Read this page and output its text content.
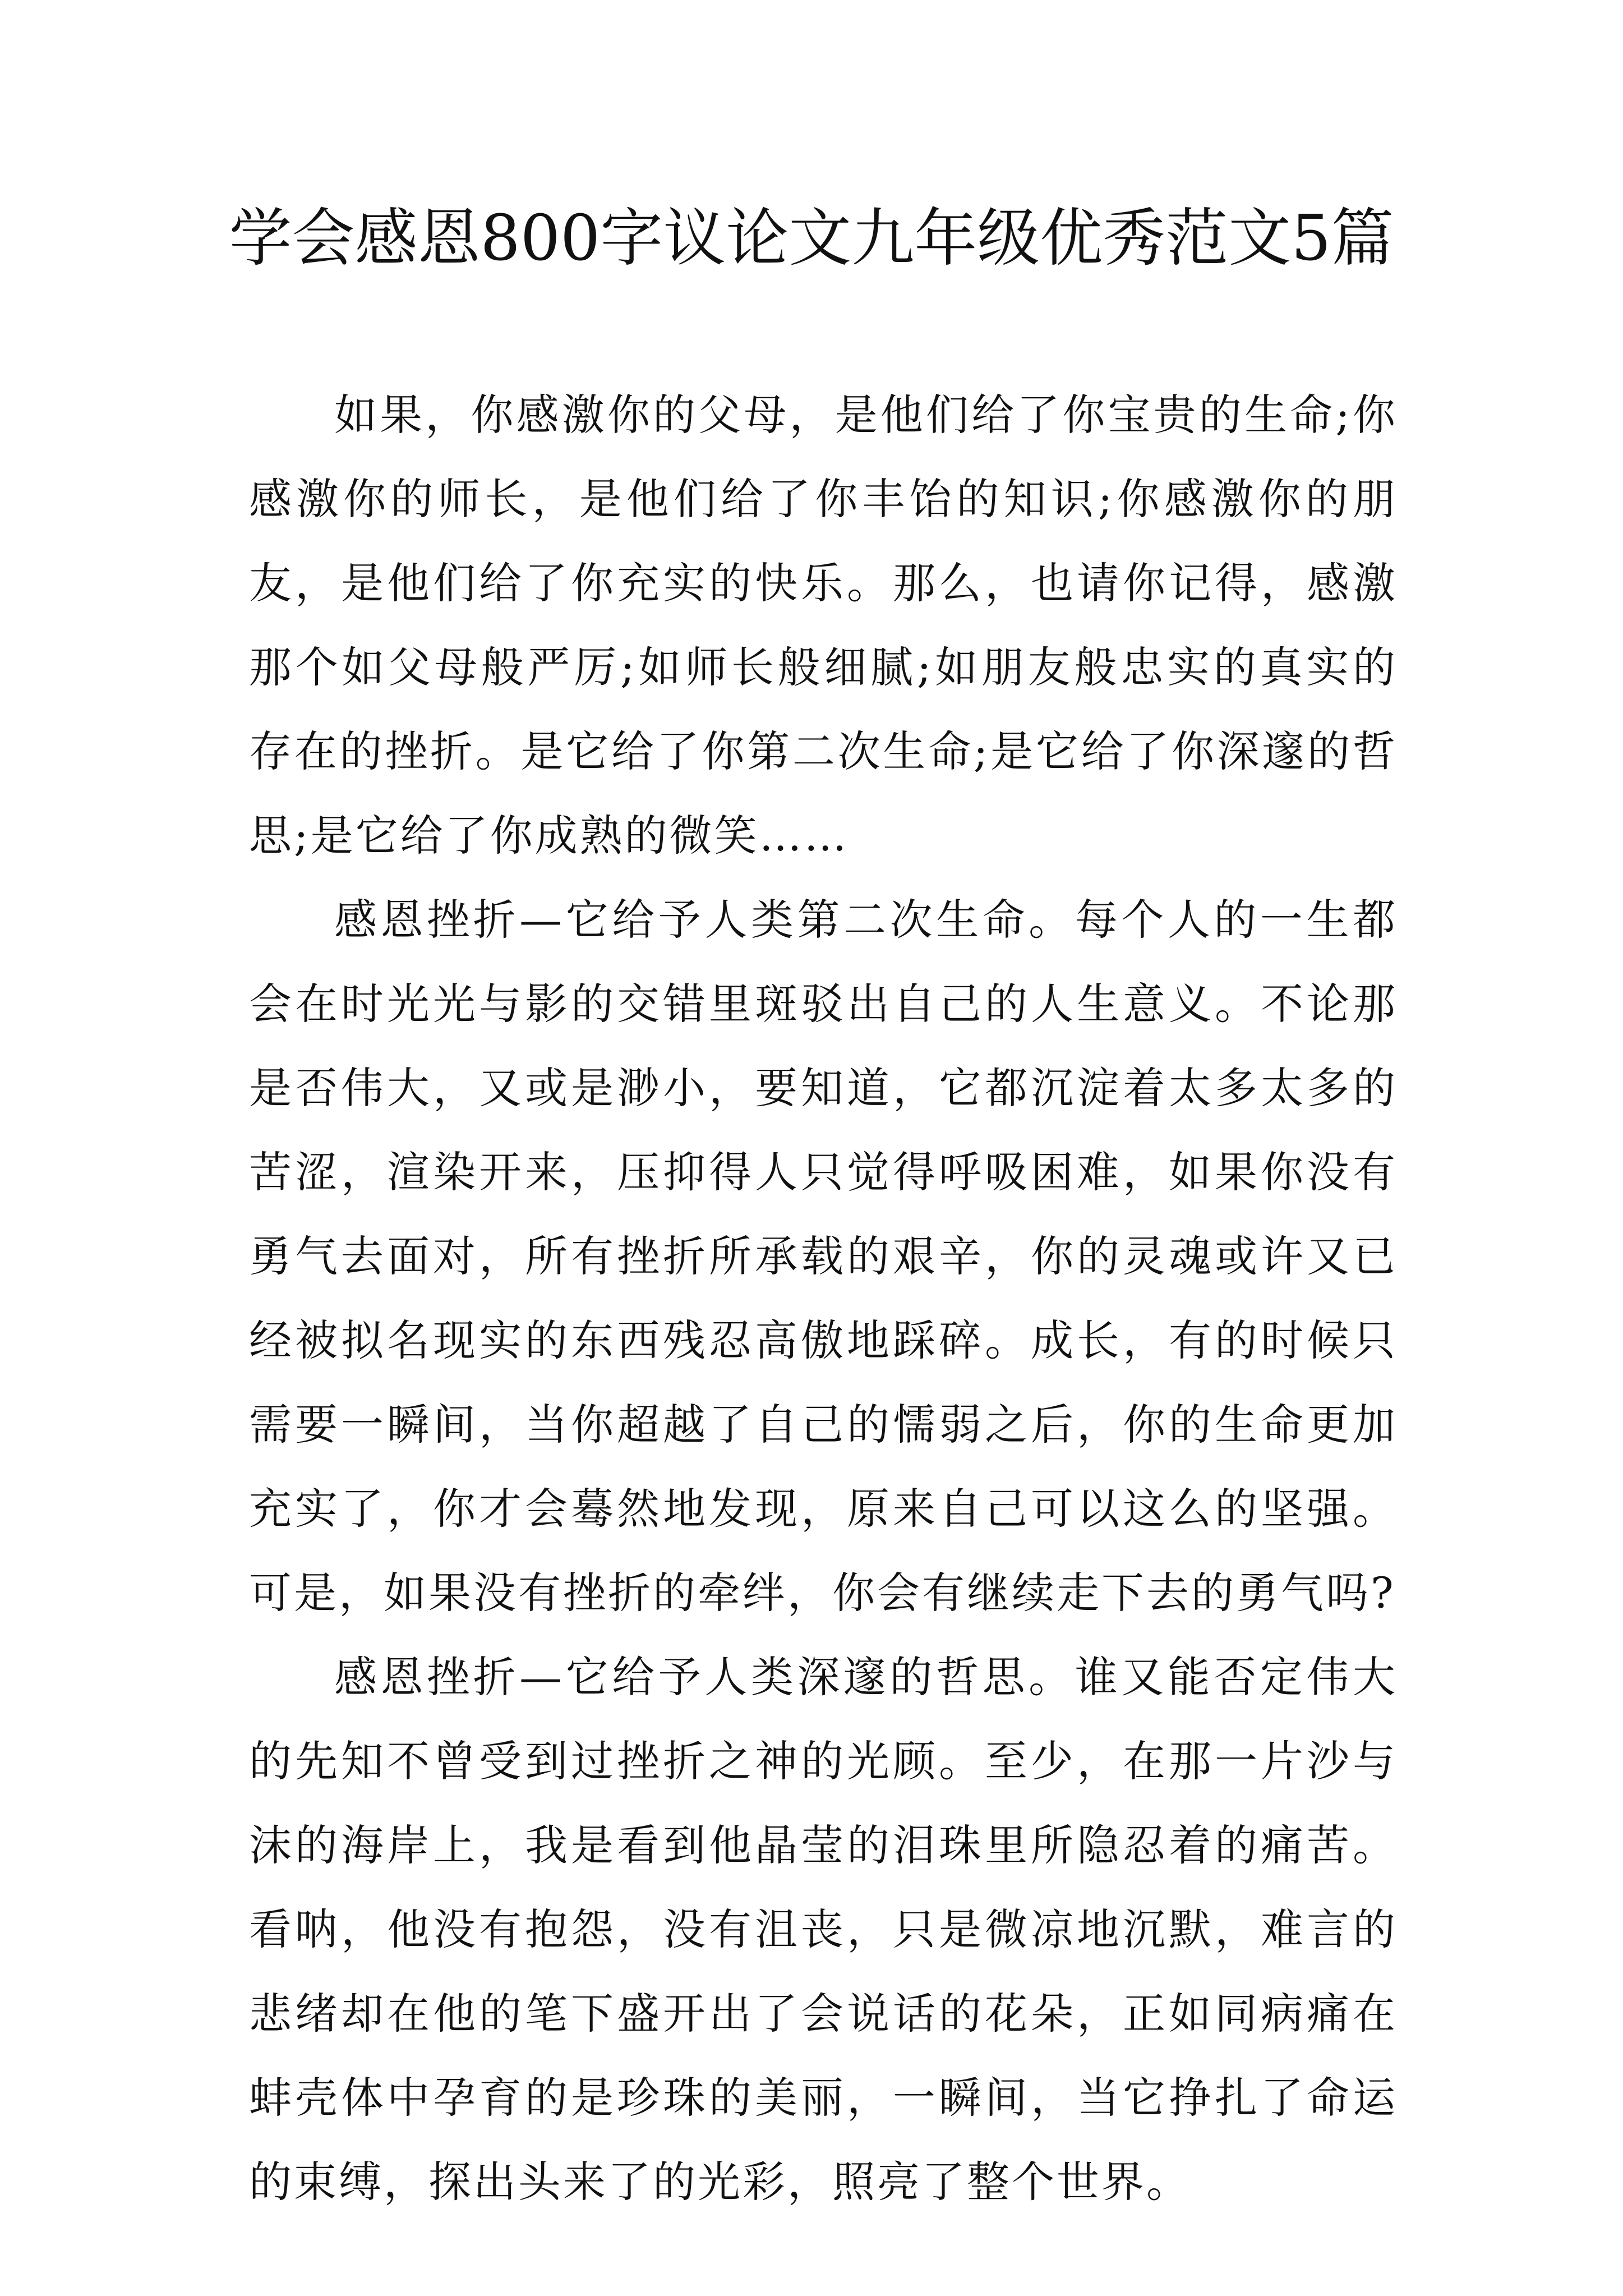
学会感恩800字议论文九年级优秀范文5篇

如果，你感激你的父母，是他们给了你宝贵的生命;你感激你的师长，是他们给了你丰饴的知识;你感激你的朋友，是他们给了你充实的快乐。那么，也请你记得，感激那个如父母般严厉;如师长般细腻;如朋友般忠实的真实的存在的挫折。是它给了你第二次生命;是它给了你深邃的哲思;是它给了你成熟的微笑……

感恩挫折—它给予人类第二次生命。每个人的一生都会在时光光与影的交错里斑驳出自己的人生意义。不论那是否伟大，又或是渺小，要知道，它都沉淀着太多太多的苦涩，渲染开来，压抑得人只觉得呼吸困难，如果你没有勇气去面对，所有挫折所承载的艰辛，你的灵魂或许又已经被拟名现实的东西残忍高傲地踩碎。成长，有的时候只需要一瞬间，当你超越了自己的懦弱之后，你的生命更加充实了，你才会蓦然地发现，原来自己可以这么的坚强。可是，如果没有挫折的牵绊，你会有继续走下去的勇气吗?

感恩挫折—它给予人类深邃的哲思。谁又能否定伟大的先知不曾受到过挫折之神的光顾。至少，在那一片沙与沫的海岸上，我是看到他晶莹的泪珠里所隐忍着的痛苦。看呐，他没有抱怨，没有沮丧，只是微凉地沉默，难言的悲绪却在他的笔下盛开出了会说话的花朵，正如同病痛在蚌壳体中孕育的是珍珠的美丽，一瞬间，当它挣扎了命运的束缚，探出头来了的光彩，照亮了整个世界。
